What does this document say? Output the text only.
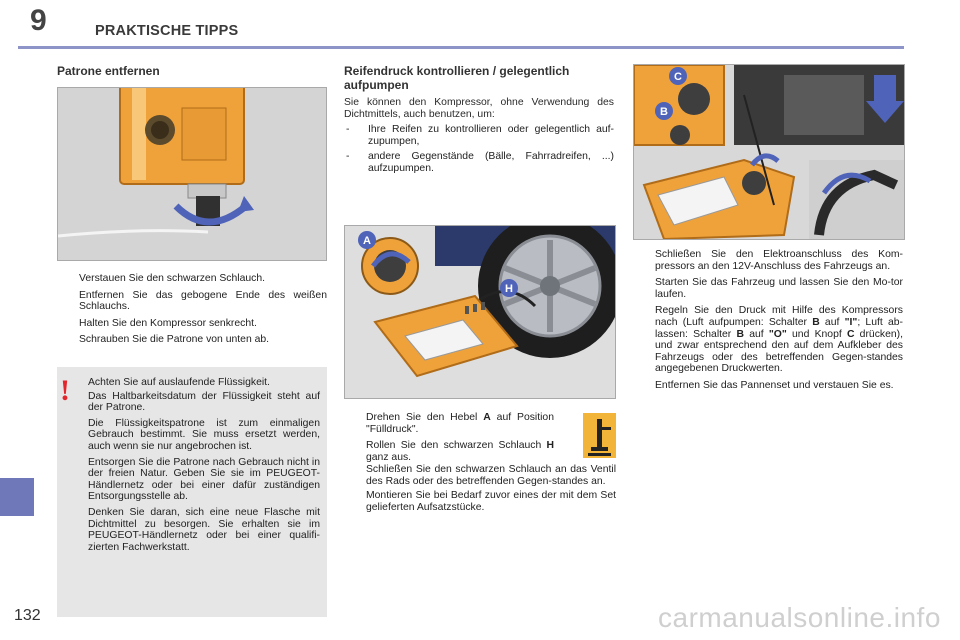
9	PRAKTISCHE TIPPS
132	carmanualsonline.info
Patrone entfernen
Verstauen Sie den schwarzen Schlauch.
Entfernen Sie das gebogene Ende des weißen Schlauchs.
Halten Sie den Kompressor senkrecht.
Schrauben Sie die Patrone von unten ab.
! Achten Sie auf auslaufende Flüssigkeit.

Das Haltbarkeitsdatum der Flüssigkeit steht auf der Patrone.

Die Flüssigkeitspatrone ist zum einmaligen Gebrauch bestimmt. Sie muss ersetzt werden, auch wenn sie nur angebrochen ist.

Entsorgen Sie die Patrone nach Gebrauch nicht in der freien Natur. Geben Sie sie im PEUGEOT-Händlernetz oder bei einer dafür zuständigen Entsorgungsstelle ab.

Denken Sie daran, sich eine neue Flasche mit Dichtmittel zu besorgen. Sie erhalten sie im PEUGEOT-Händlernetz oder bei einer qualifi-zierten Fachwerkstatt.

Reifendruck kontrollieren / gelegentlich
aufpumpen
Sie können den Kompressor, ohne Verwendung des Dichtmittels, auch benutzen, um:
- Ihre Reifen zu kontrollieren oder gelegentlich auf-zupumpen,
- andere Gegenstände (Bälle, Fahrradreifen, ...) aufzupumpen.
A
H
Drehen Sie den Hebel A auf Position "Fülldruck".
Rollen Sie den schwarzen Schlauch H ganz aus.
Schließen Sie den schwarzen Schlauch an das Ventil des Rads oder des betreffenden Gegen-standes an.
Montieren Sie bei Bedarf zuvor eines der mit dem Set gelieferten Aufsatzstücke.
C
B
Schließen Sie den Elektroanschluss des Kom-pressors an den 12V-Anschluss des Fahrzeugs an.
Starten Sie das Fahrzeug und lassen Sie den Mo-tor laufen.
Regeln Sie den Druck mit Hilfe des Kompressors nach (Luft aufpumpen: Schalter B auf "I"; Luft ab-lassen: Schalter B auf "O" und Knopf C drücken), und zwar entsprechend den auf dem Aufkleber des Fahrzeugs oder des betreffenden Gegen-standes angegebenen Druckwerten.
Entfernen Sie das Pannenset und verstauen Sie es.
